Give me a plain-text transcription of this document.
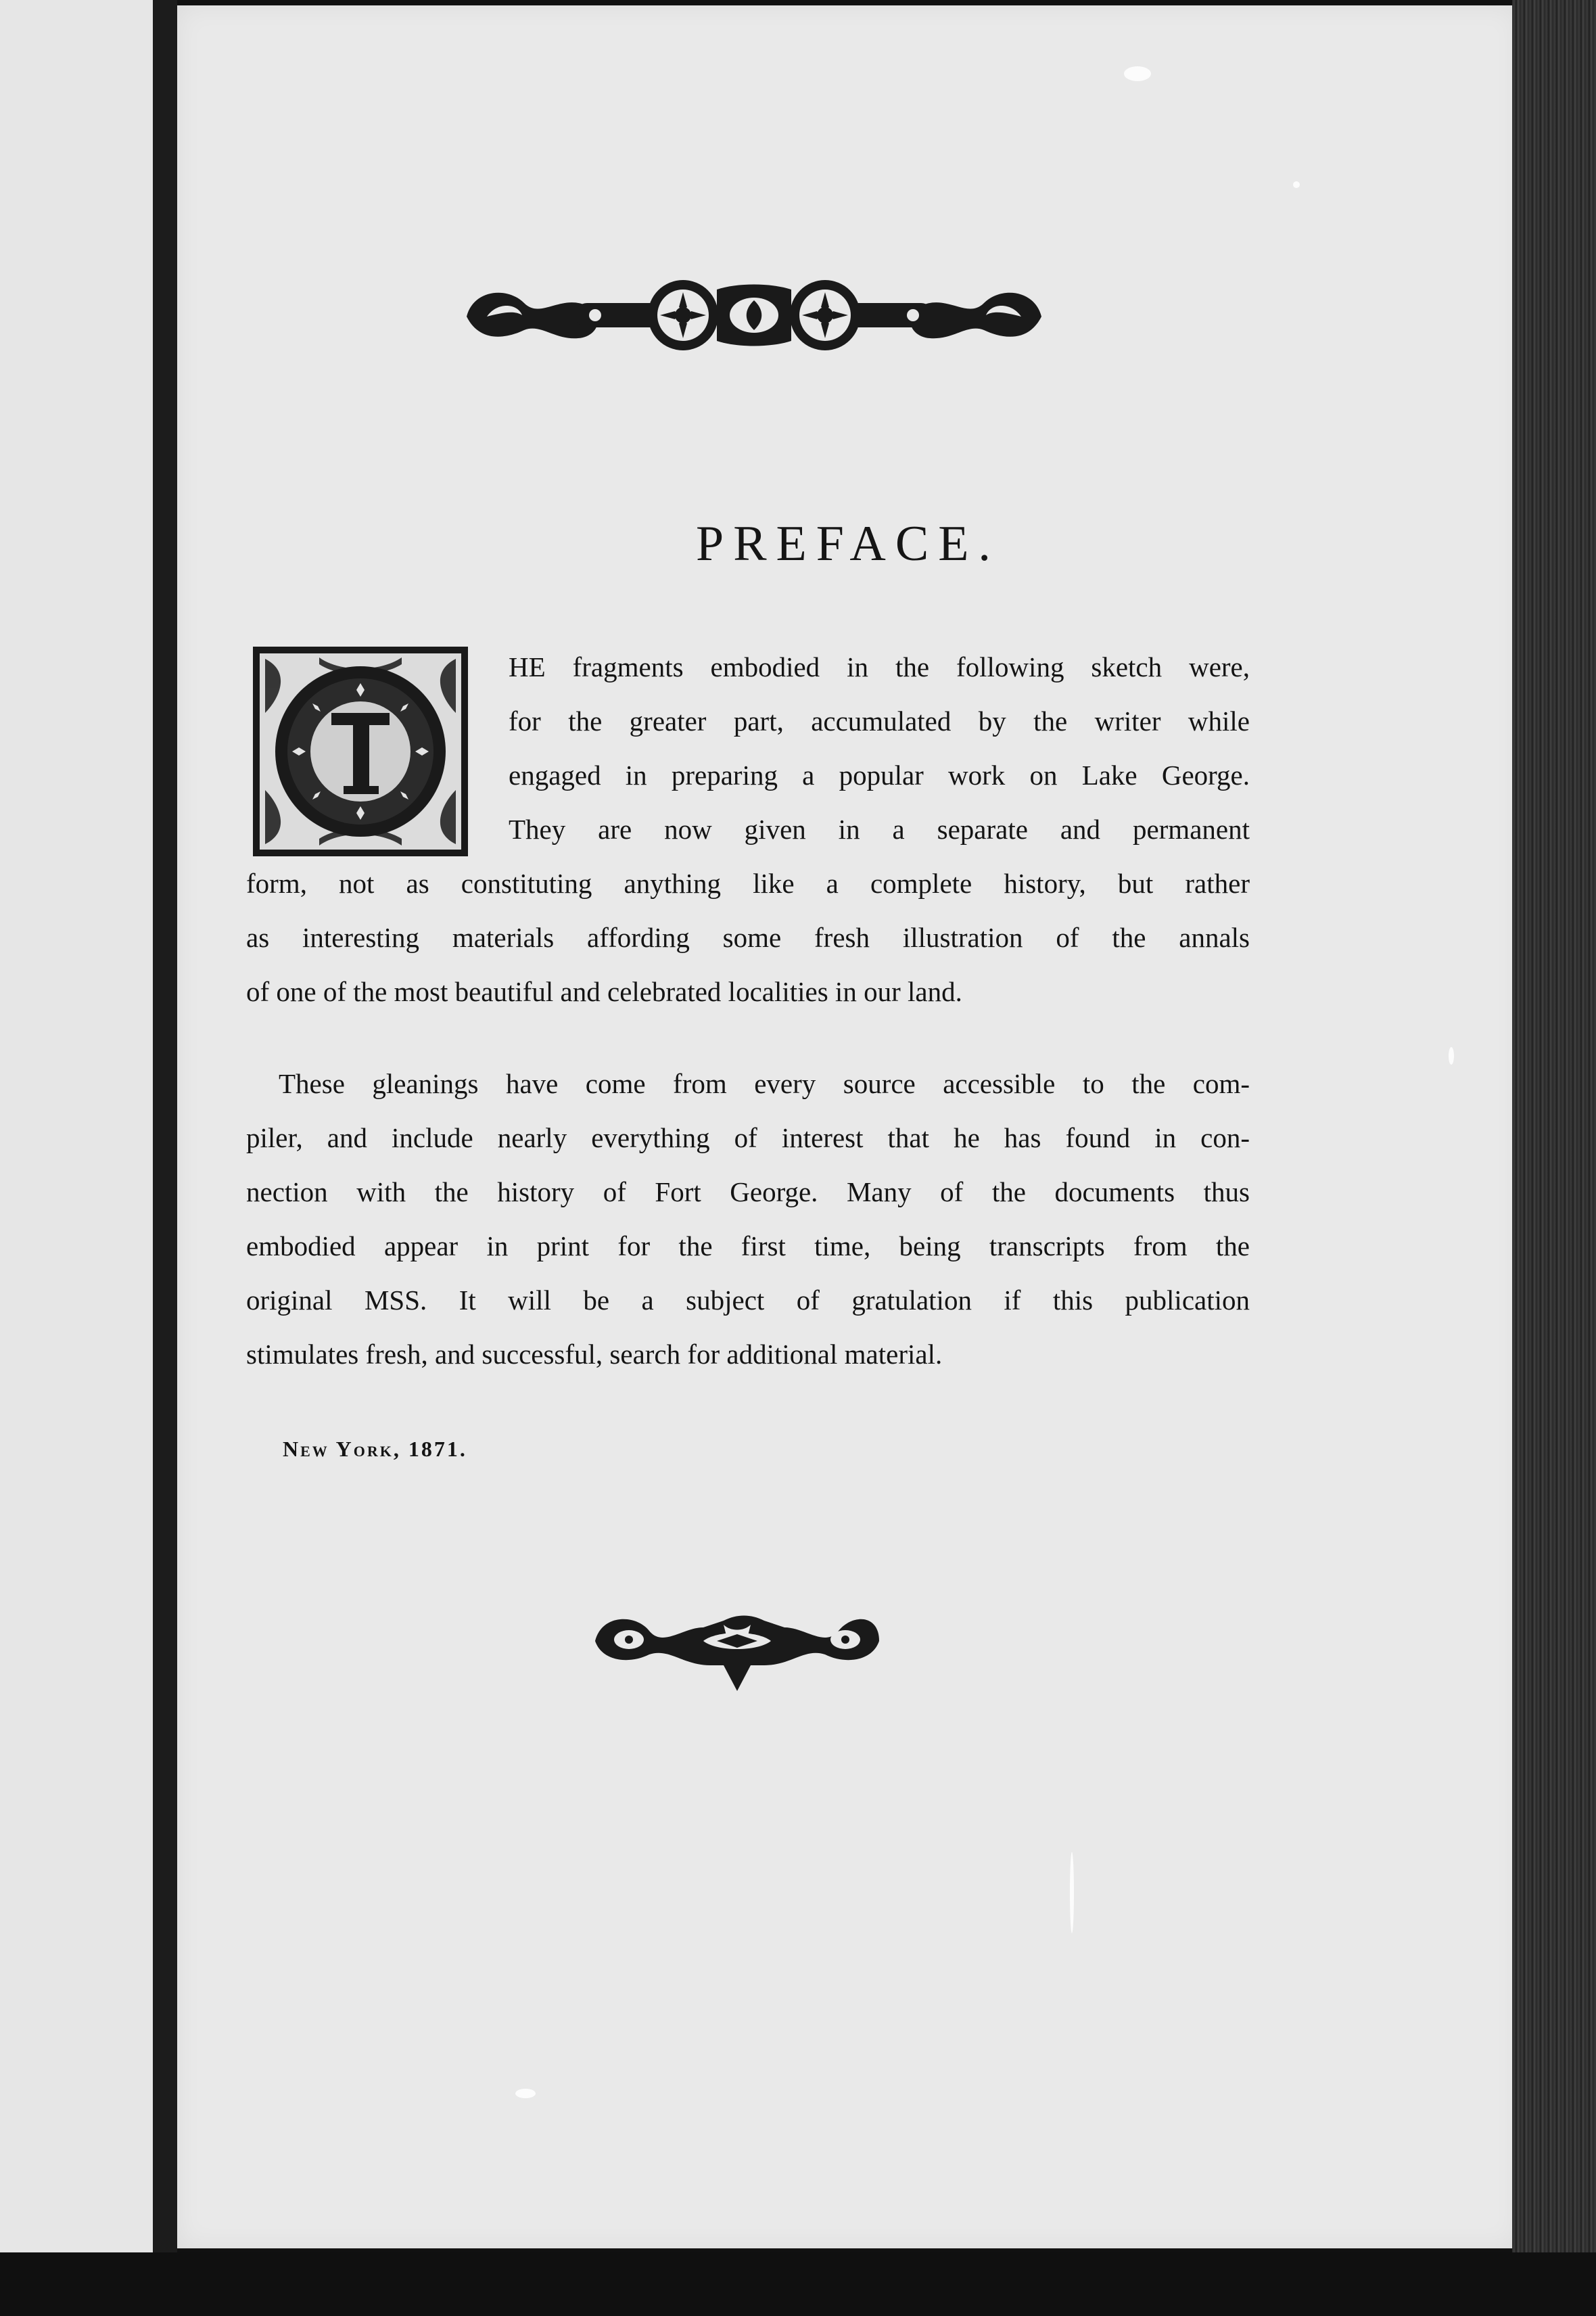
PREFACE.
HE fragments embodied in the following sketch were,
for the greater part, accumulated by the writer while
engaged in preparing a popular work on Lake George.
They are now given in a separate and permanent
form, not as constituting anything like a complete history, but rather
as interesting materials affording some fresh illustration of the annals
of one of the most beautiful and celebrated localities in our land.
These gleanings have come from every source accessible to the com-
piler, and include nearly everything of interest that he has found in con-
nection with the history of Fort George. Many of the documents thus
embodied appear in print for the first time, being transcripts from the
original MSS. It will be a subject of gratulation if this publication
stimulates fresh, and successful, search for additional material.

New York, 1871.
